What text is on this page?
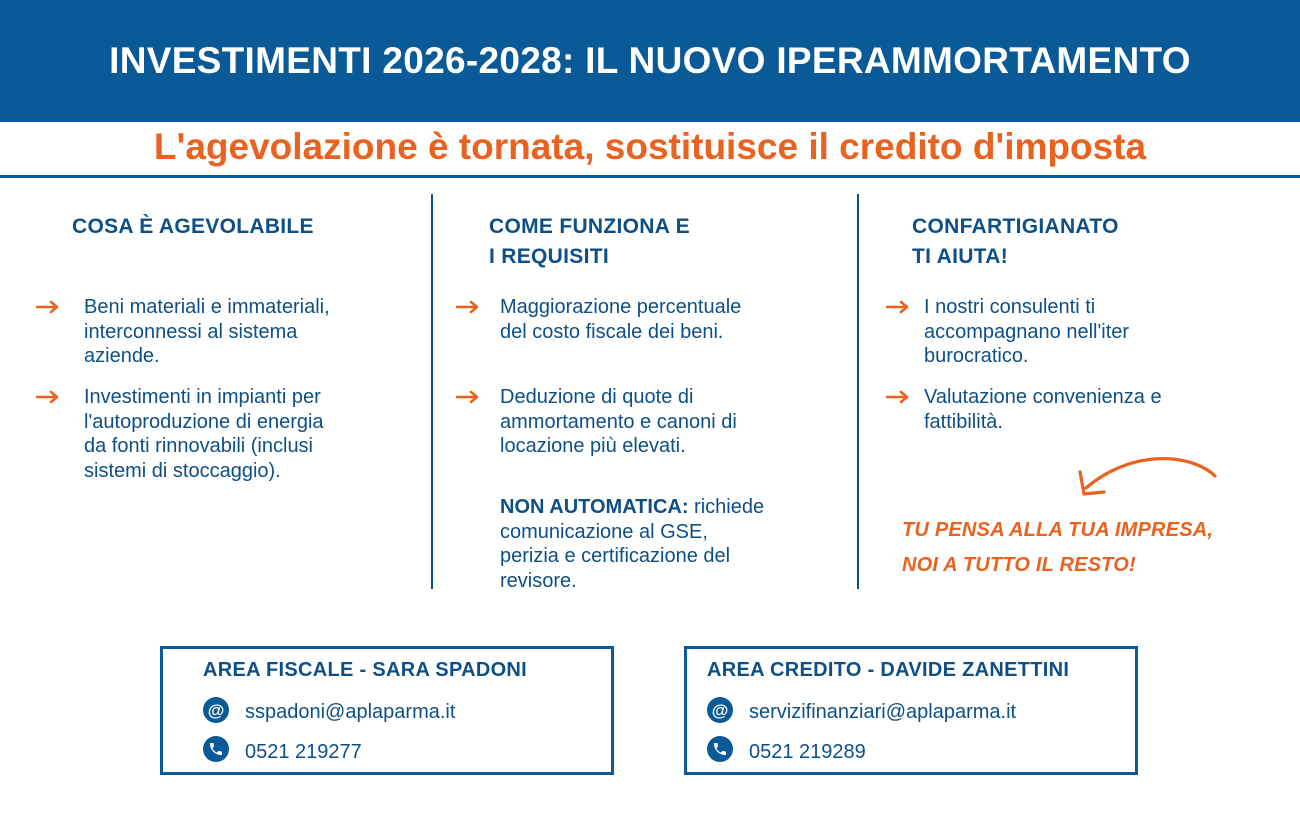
INVESTIMENTI 2026-2028: IL NUOVO IPERAMMORTAMENTO
L'agevolazione è tornata, sostituisce il credito d'imposta
COSA È AGEVOLABILE
Beni materiali e immateriali,
interconnessi al sistema
aziende.
Investimenti in impianti per
l'autoproduzione di energia
da fonti rinnovabili (inclusi
sistemi di stoccaggio).
COME FUNZIONA E
I REQUISITI
Maggiorazione percentuale
del costo fiscale dei beni.
Deduzione di quote di
ammortamento e canoni di
locazione più elevati.
NON AUTOMATICA: richiede
comunicazione al GSE,
perizia e certificazione del
revisore.
CONFARTIGIANATO
TI AIUTA!
I nostri consulenti ti
accompagnano nell'iter
burocratico.
Valutazione convenienza e
fattibilità.
TU PENSA ALLA TUA IMPRESA,
NOI A TUTTO IL RESTO!
AREA FISCALE - SARA SPADONI
@ sspadoni@aplaparma.it
0521 219277
AREA CREDITO - DAVIDE ZANETTINI
@ servizifinanziari@aplaparma.it
0521 219289
